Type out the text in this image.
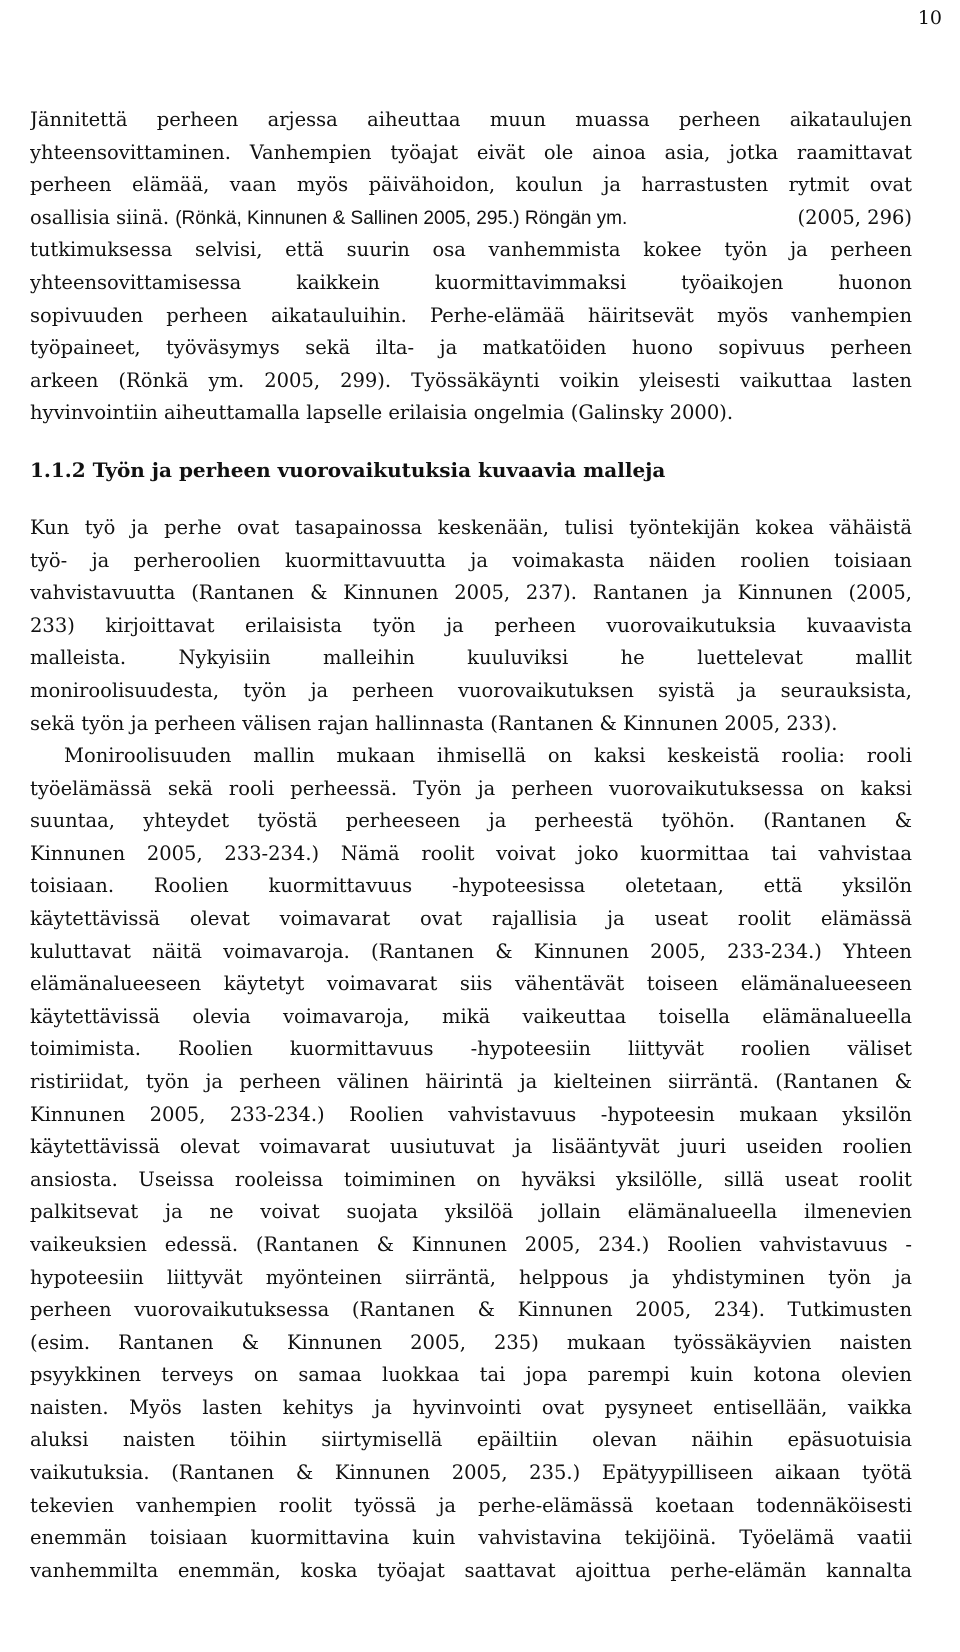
10
Jännitettä perheen arjessa aiheuttaa muun muassa perheen aikataulujen
yhteensovittaminen. Vanhempien työajat eivät ole ainoa asia, jotka raamittavat
perheen elämää, vaan myös päivähoidon, koulun ja harrastusten rytmit ovat
osallisia siinä. (Rönkä, Kinnunen & Sallinen 2005, 295.) Röngän ym.	(2005, 296)
tutkimuksessa selvisi, että suurin osa vanhemmista kokee työn ja perheen
yhteensovittamisessa kaikkein kuormittavimmaksi työaikojen huonon
sopivuuden perheen aikatauluihin. Perhe-elämää häiritsevät myös vanhempien
työpaineet, työväsymys sekä ilta- ja matkatöiden huono sopivuus perheen
arkeen (Rönkä ym. 2005, 299). Työssäkäynti voikin yleisesti vaikuttaa lasten
hyvinvointiin aiheuttamalla lapselle erilaisia ongelmia (Galinsky 2000).
1.1.2 Työn ja perheen vuorovaikutuksia kuvaavia malleja
Kun työ ja perhe ovat tasapainossa keskenään, tulisi työntekijän kokea vähäistä
työ- ja perheroolien kuormittavuutta ja voimakasta näiden roolien toisiaan
vahvistavuutta (Rantanen & Kinnunen 2005, 237). Rantanen ja Kinnunen (2005,
233) kirjoittavat erilaisista työn ja perheen vuorovaikutuksia kuvaavista
malleista. Nykyisiin malleihin kuuluviksi he luettelevat mallit
moniroolisuudesta, työn ja perheen vuorovaikutuksen syistä ja seurauksista,
sekä työn ja perheen välisen rajan hallinnasta (Rantanen & Kinnunen 2005, 233).
Moniroolisuuden mallin mukaan ihmisellä on kaksi keskeistä roolia: rooli
työelämässä sekä rooli perheessä. Työn ja perheen vuorovaikutuksessa on kaksi
suuntaa, yhteydet työstä perheeseen ja perheestä työhön. (Rantanen &
Kinnunen 2005, 233-234.) Nämä roolit voivat joko kuormittaa tai vahvistaa
toisiaan. Roolien kuormittavuus -hypoteesissa oletetaan, että yksilön
käytettävissä olevat voimavarat ovat rajallisia ja useat roolit elämässä
kuluttavat näitä voimavaroja. (Rantanen & Kinnunen 2005, 233-234.) Yhteen
elämänalueeseen käytetyt voimavarat siis vähentävät toiseen elämänalueeseen
käytettävissä olevia voimavaroja, mikä vaikeuttaa toisella elämänalueella
toimimista. Roolien kuormittavuus -hypoteesiin liittyvät roolien väliset
ristiriidat, työn ja perheen välinen häirintä ja kielteinen siirräntä. (Rantanen &
Kinnunen 2005, 233-234.) Roolien vahvistavuus -hypoteesin mukaan yksilön
käytettävissä olevat voimavarat uusiutuvat ja lisääntyvät juuri useiden roolien
ansiosta. Useissa rooleissa toimiminen on hyväksi yksilölle, sillä useat roolit
palkitsevat ja ne voivat suojata yksilöä jollain elämänalueella ilmenevien
vaikeuksien edessä. (Rantanen & Kinnunen 2005, 234.) Roolien vahvistavuus -
hypoteesiin liittyvät myönteinen siirräntä, helppous ja yhdistyminen työn ja
perheen vuorovaikutuksessa (Rantanen & Kinnunen 2005, 234). Tutkimusten
(esim. Rantanen & Kinnunen 2005, 235) mukaan työssäkäyvien naisten
psyykkinen terveys on samaa luokkaa tai jopa parempi kuin kotona olevien
naisten. Myös lasten kehitys ja hyvinvointi ovat pysyneet entisellään, vaikka
aluksi naisten töihin siirtymisellä epäiltiin olevan näihin epäsuotuisia
vaikutuksia. (Rantanen & Kinnunen 2005, 235.) Epätyypilliseen aikaan työtä
tekevien vanhempien roolit työssä ja perhe-elämässä koetaan todennäköisesti
enemmän toisiaan kuormittavina kuin vahvistavina tekijöinä. Työelämä vaatii
vanhemmilta enemmän, koska työajat saattavat ajoittua perhe-elämän kannalta
